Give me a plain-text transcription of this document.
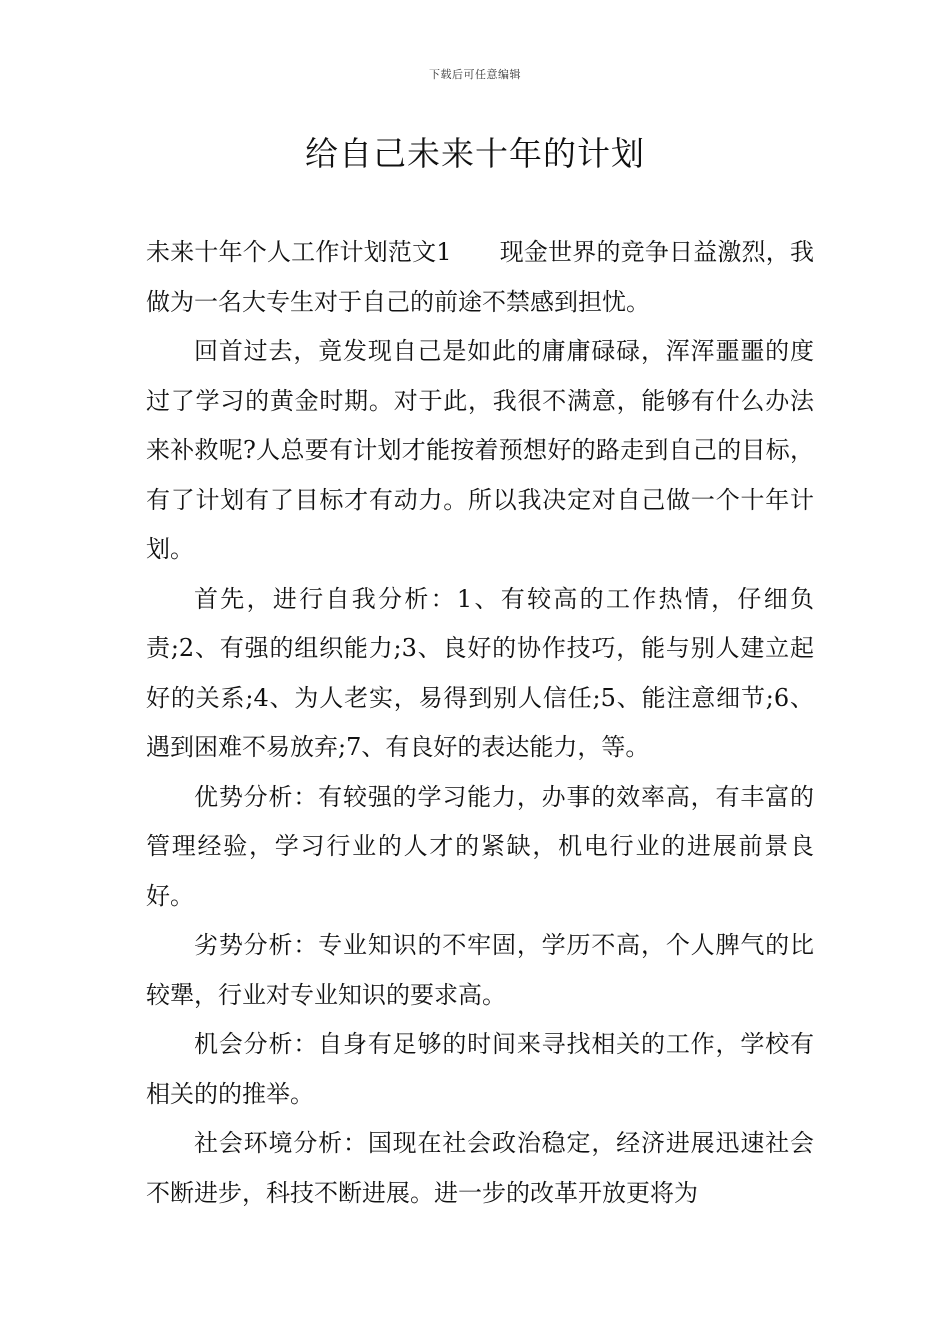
下载后可任意编辑
给自己未来十年的计划

未来十年个人工作计划范文1 现金世界的竞争日益激烈，我做为一名大专生对于自己的前途不禁感到担忧。

回首过去，竟发现自己是如此的庸庸碌碌，浑浑噩噩的度过了学习的黄金时期。对于此，我很不满意，能够有什么办法来补救呢?人总要有计划才能按着预想好的路走到自己的目标，有了计划有了目标才有动力。所以我决定对自己做一个十年计划。

首先，进行自我分析：1、有较高的工作热情，仔细负责;2、有强的组织能力;3、良好的协作技巧，能与别人建立起好的关系;4、为人老实，易得到别人信任;5、能注意细节;6、遇到困难不易放弃;7、有良好的表达能力，等。

优势分析：有较强的学习能力，办事的效率高，有丰富的管理经验，学习行业的人才的紧缺，机电行业的进展前景良好。

劣势分析：专业知识的不牢固，学历不高，个人脾气的比较犟，行业对专业知识的要求高。

机会分析：自身有足够的时间来寻找相关的工作，学校有相关的的推举。

社会环境分析：国现在社会政治稳定，经济进展迅速社会不断进步，科技不断进展。进一步的改革开放更将为
